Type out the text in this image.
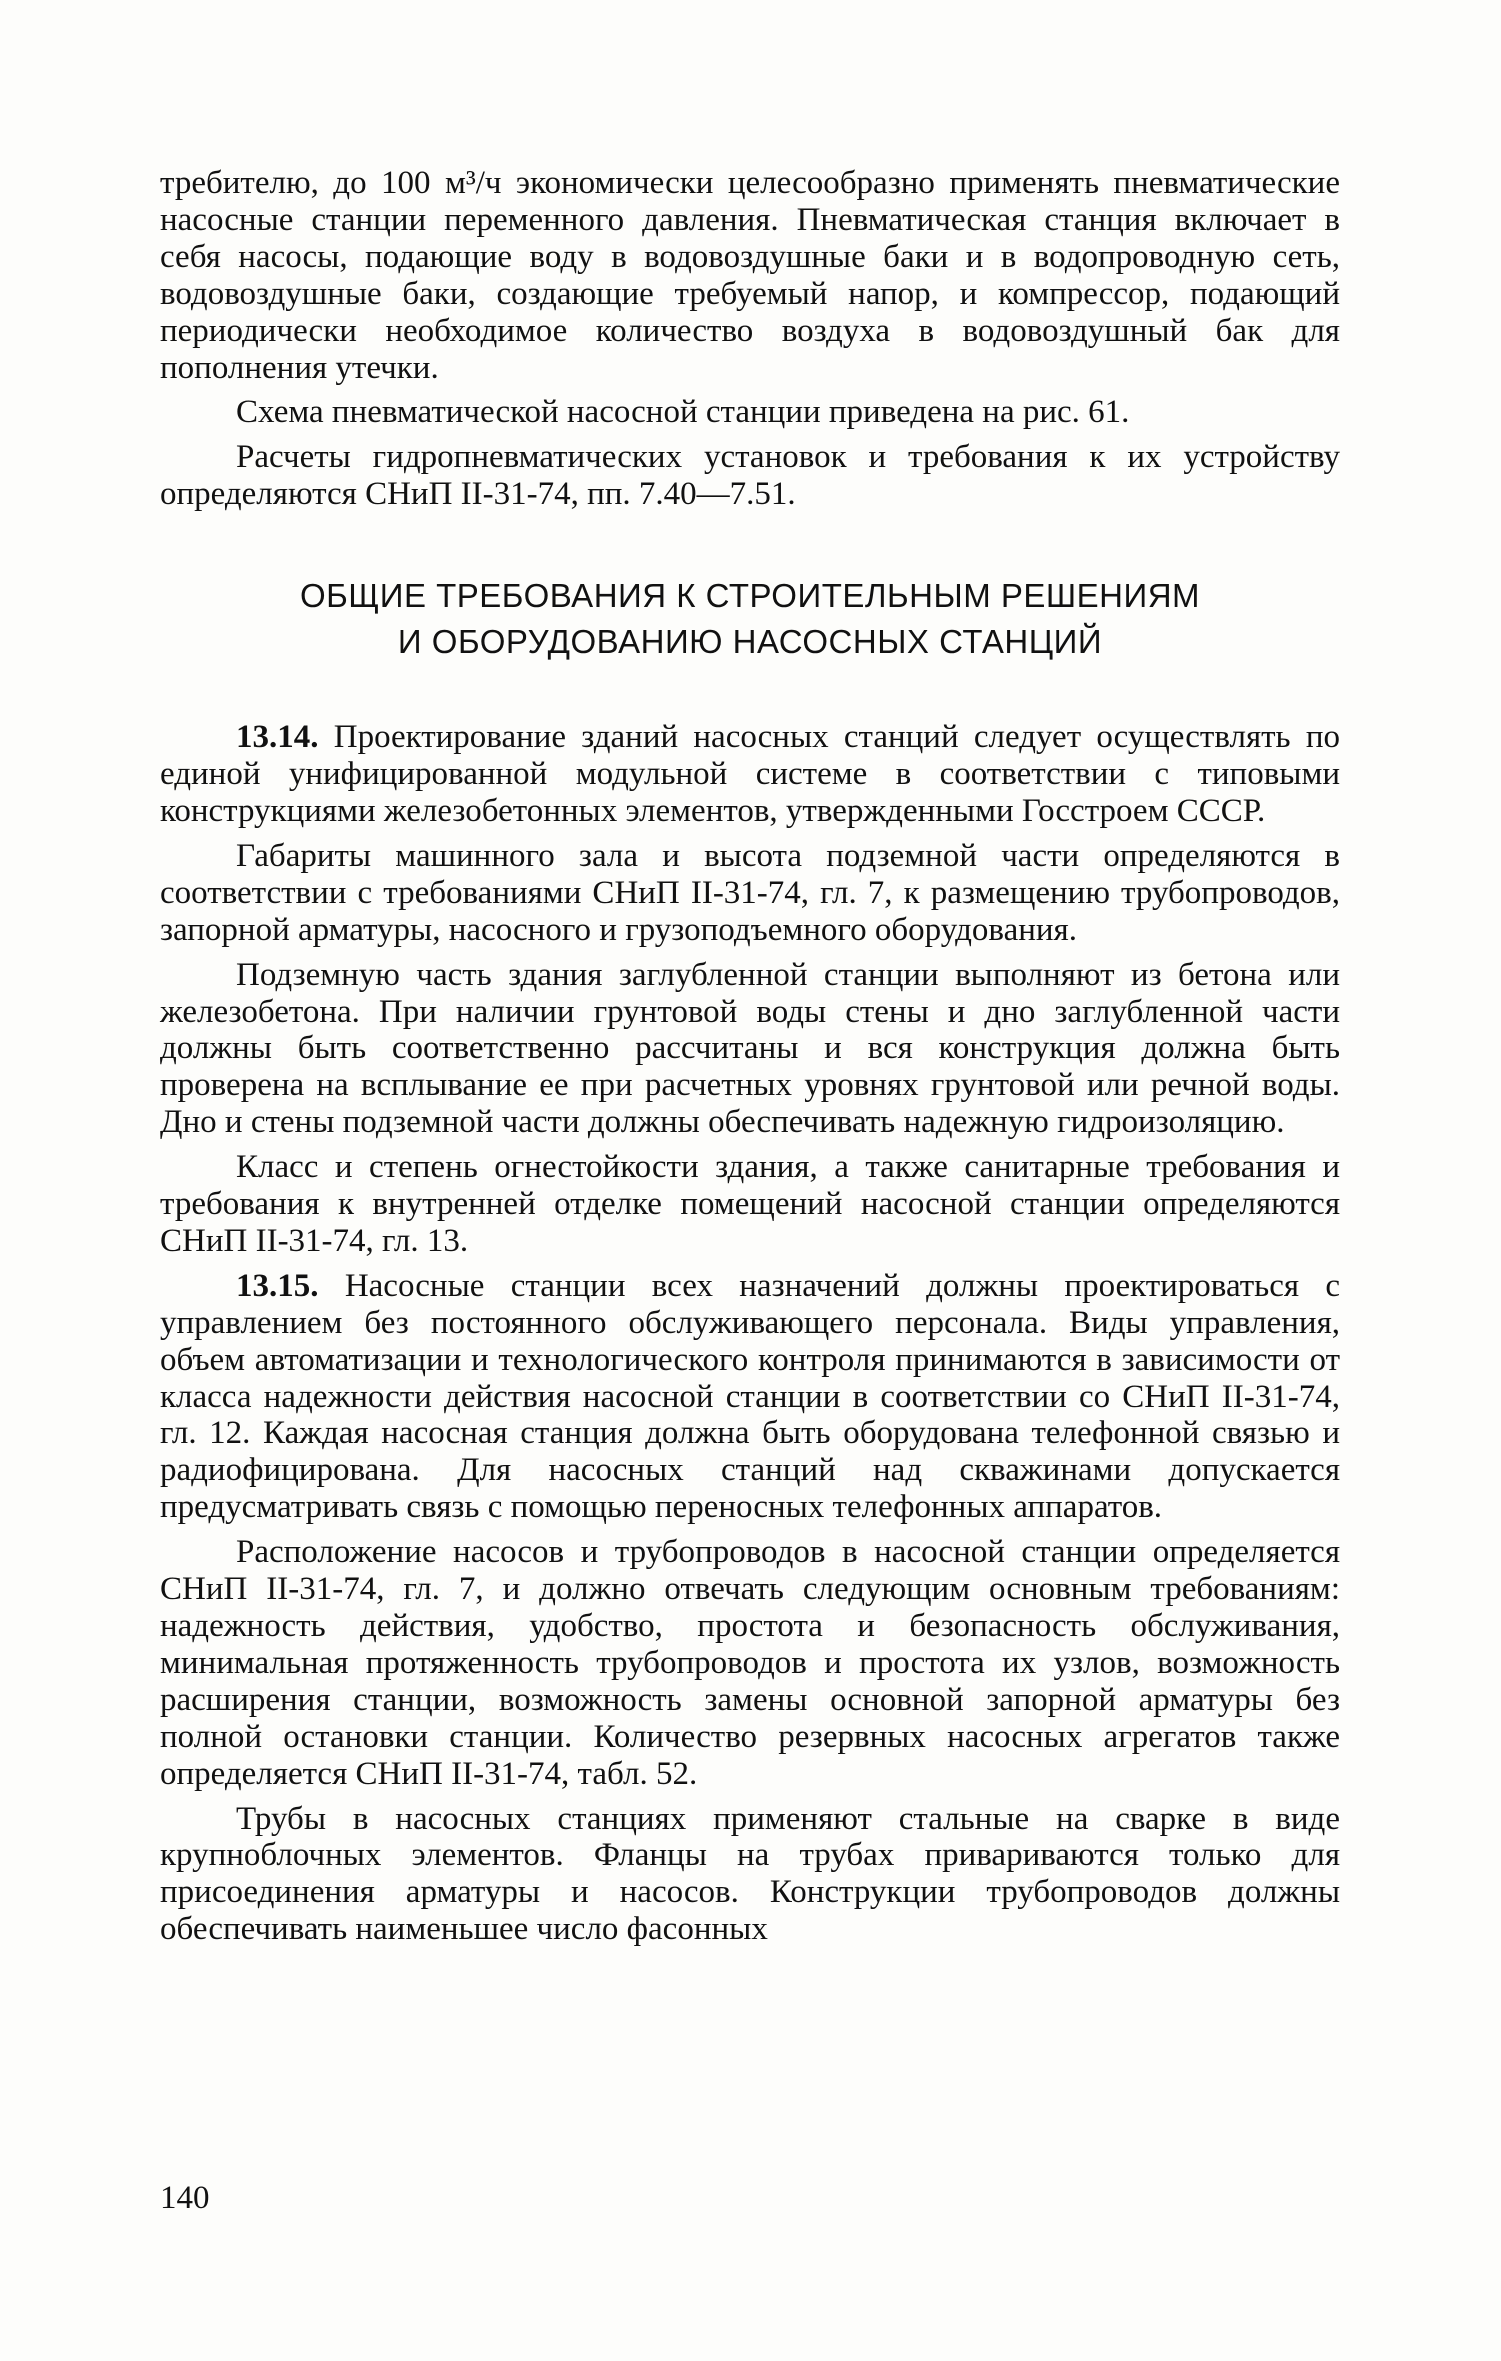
требителю, до 100 м³/ч экономически целесообразно применять пневматические насосные станции переменного давления. Пневматическая станция включает в себя насосы, подающие воду в водовоздушные баки и в водопроводную сеть, водовоздушные баки, создающие требуемый напор, и компрессор, подающий периодически необходимое количество воздуха в водовоздушный бак для пополнения утечки.

Схема пневматической насосной станции приведена на рис. 61.

Расчеты гидропневматических установок и требования к их устройству определяются СНиП II-31-74, пп. 7.40—7.51.

ОБЩИЕ ТРЕБОВАНИЯ К СТРОИТЕЛЬНЫМ РЕШЕНИЯМ
И ОБОРУДОВАНИЮ НАСОСНЫХ СТАНЦИЙ

13.14. Проектирование зданий насосных станций следует осуществлять по единой унифицированной модульной системе в соответствии с типовыми конструкциями железобетонных элементов, утвержденными Госстроем СССР.

Габариты машинного зала и высота подземной части определяются в соответствии с требованиями СНиП II-31-74, гл. 7, к размещению трубопроводов, запорной арматуры, насосного и грузоподъемного оборудования.

Подземную часть здания заглубленной станции выполняют из бетона или железобетона. При наличии грунтовой воды стены и дно заглубленной части должны быть соответственно рассчитаны и вся конструкция должна быть проверена на всплывание ее при расчетных уровнях грунтовой или речной воды. Дно и стены подземной части должны обеспечивать надежную гидроизоляцию.

Класс и степень огнестойкости здания, а также санитарные требования и требования к внутренней отделке помещений насосной станции определяются СНиП II-31-74, гл. 13.

13.15. Насосные станции всех назначений должны проектироваться с управлением без постоянного обслуживающего персонала. Виды управления, объем автоматизации и технологического контроля принимаются в зависимости от класса надежности действия насосной станции в соответствии со СНиП II-31-74, гл. 12. Каждая насосная станция должна быть оборудована телефонной связью и радиофицирована. Для насосных станций над скважинами допускается предусматривать связь с помощью переносных телефонных аппаратов.

Расположение насосов и трубопроводов в насосной станции определяется СНиП II-31-74, гл. 7, и должно отвечать следующим основным требованиям: надежность действия, удобство, простота и безопасность обслуживания, минимальная протяженность трубопроводов и простота их узлов, возможность расширения станции, возможность замены основной запорной арматуры без полной остановки станции. Количество резервных насосных агрегатов также определяется СНиП II-31-74, табл. 52.

Трубы в насосных станциях применяют стальные на сварке в виде крупноблочных элементов. Фланцы на трубах привариваются только для присоединения арматуры и насосов. Конструкции трубопроводов должны обеспечивать наименьшее число фасонных

140
